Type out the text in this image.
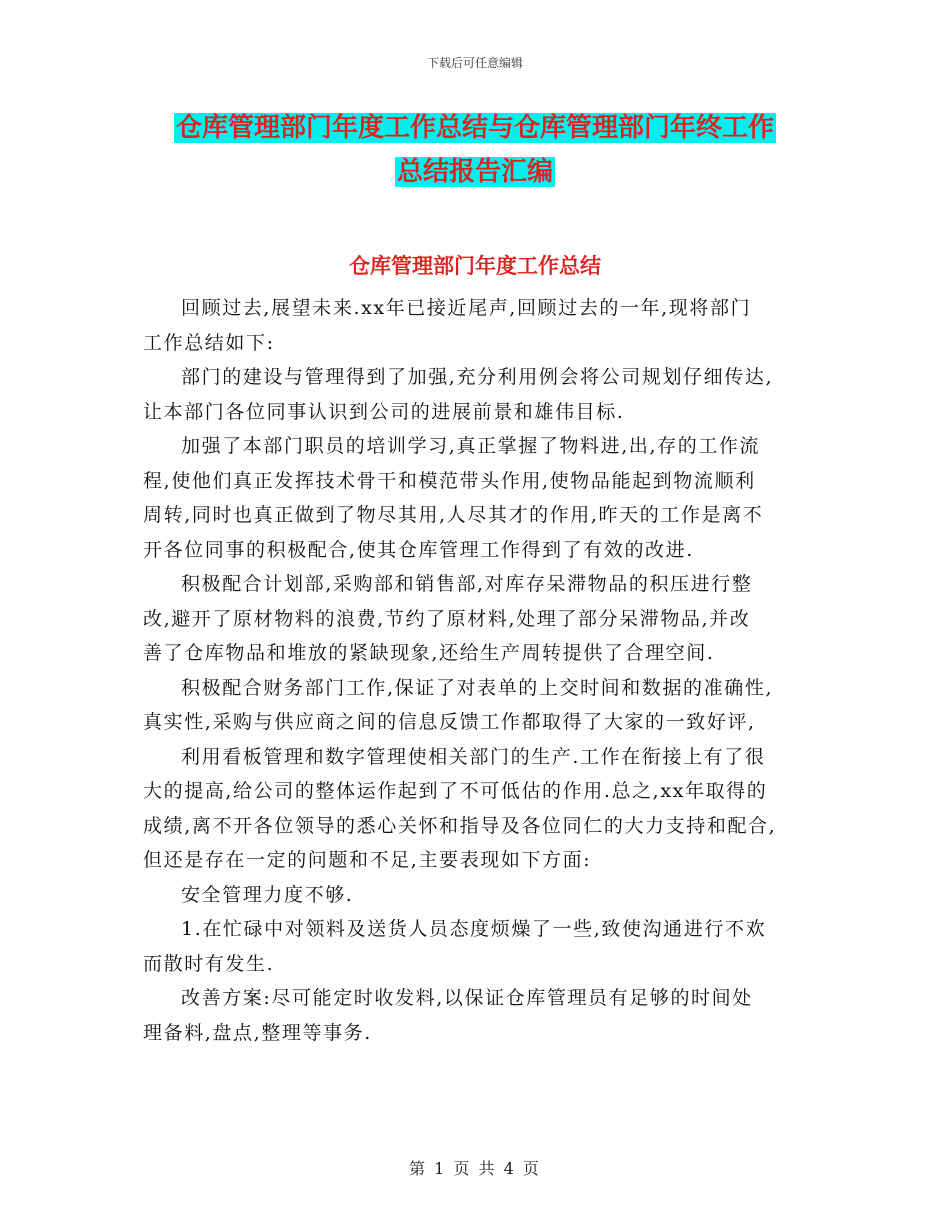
下载后可任意编辑
仓库管理部门年度工作总结与仓库管理部门年终工作
总结报告汇编
仓库管理部门年度工作总结

回顾过去,展望未来.xx年已接近尾声,回顾过去的一年,现将部门
工作总结如下:

部门的建设与管理得到了加强,充分利用例会将公司规划仔细传达,
让本部门各位同事认识到公司的进展前景和雄伟目标.

加强了本部门职员的培训学习,真正掌握了物料进,出,存的工作流
程,使他们真正发挥技术骨干和模范带头作用,使物品能起到物流顺利
周转,同时也真正做到了物尽其用,人尽其才的作用,昨天的工作是离不
开各位同事的积极配合,使其仓库管理工作得到了有效的改进.

积极配合计划部,采购部和销售部,对库存呆滞物品的积压进行整
改,避开了原材物料的浪费,节约了原材料,处理了部分呆滞物品,并改
善了仓库物品和堆放的紧缺现象,还给生产周转提供了合理空间.

积极配合财务部门工作,保证了对表单的上交时间和数据的准确性,
真实性,采购与供应商之间的信息反馈工作都取得了大家的一致好评,

利用看板管理和数字管理使相关部门的生产.工作在衔接上有了很
大的提高,给公司的整体运作起到了不可低估的作用.总之,xx年取得的
成绩,离不开各位领导的悉心关怀和指导及各位同仁的大力支持和配合,
但还是存在一定的问题和不足,主要表现如下方面:

安全管理力度不够.

1.在忙碌中对领料及送货人员态度烦燥了一些,致使沟通进行不欢
而散时有发生.

改善方案:尽可能定时收发料,以保证仓库管理员有足够的时间处
理备料,盘点,整理等事务.

第 1 页 共 4 页
